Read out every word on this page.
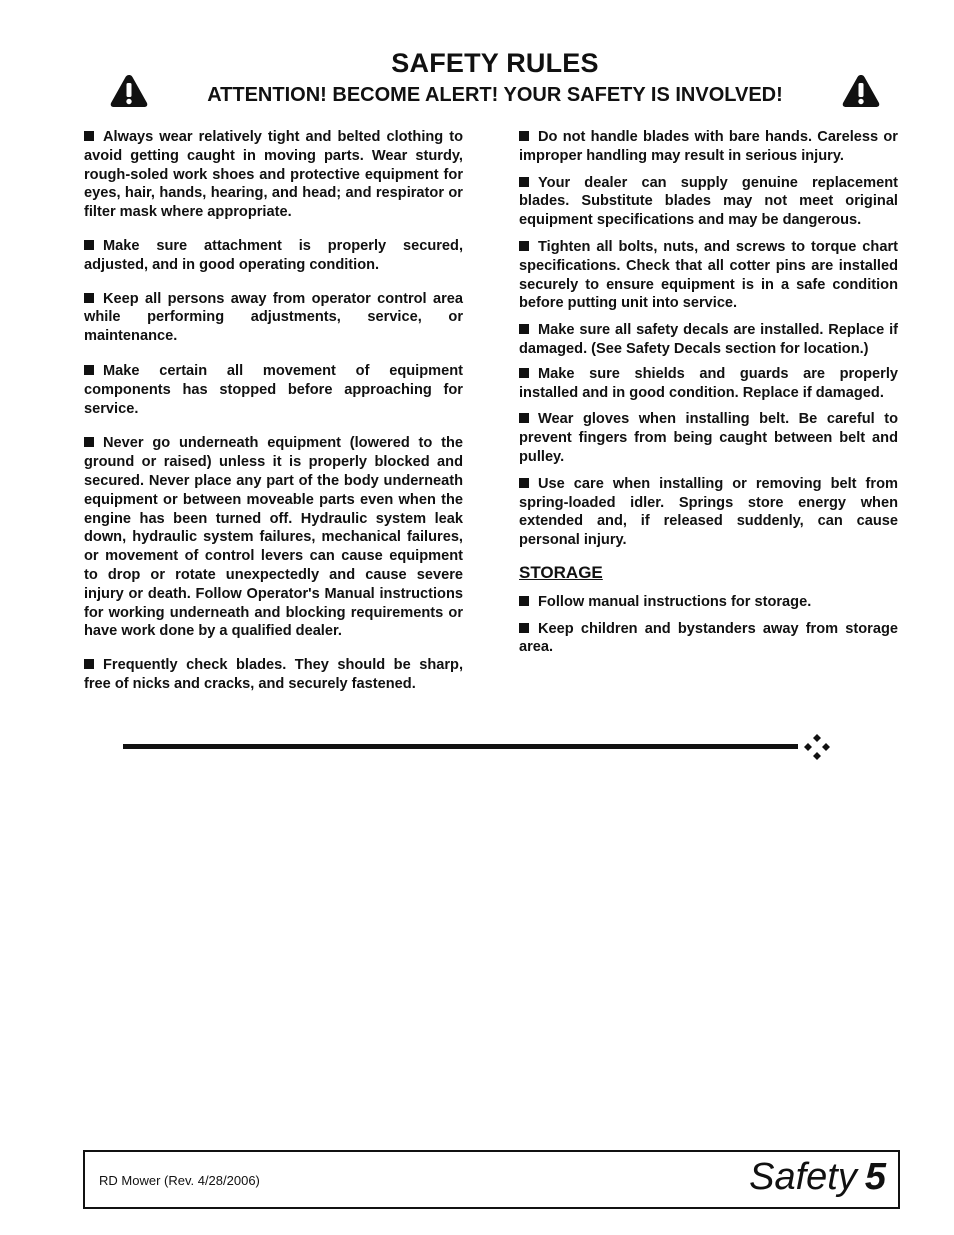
SAFETY RULES
ATTENTION! BECOME ALERT! YOUR SAFETY IS INVOLVED!

Always wear relatively tight and belted clothing to avoid getting caught in moving parts. Wear sturdy, rough-soled work shoes and protective equipment for eyes, hair, hands, hearing, and head; and respirator or filter mask where appropriate.

Make sure attachment is properly secured, adjusted, and in good operating condition.

Keep all persons away from operator control area while performing adjustments, service, or maintenance.

Make certain all movement of equipment components has stopped before approaching for service.

Never go underneath equipment (lowered to the ground or raised) unless it is properly blocked and secured. Never place any part of the body underneath equipment or between moveable parts even when the engine has been turned off. Hydraulic system leak down, hydraulic system failures, mechanical failures, or movement of control levers can cause equipment to drop or rotate unexpectedly and cause severe injury or death. Follow Operator's Manual instructions for working underneath and blocking requirements or have work done by a qualified dealer.

Frequently check blades. They should be sharp, free of nicks and cracks, and securely fastened.

Do not handle blades with bare hands. Careless or improper handling may result in serious injury.

Your dealer can supply genuine replacement blades. Substitute blades may not meet original equipment specifications and may be dangerous.

Tighten all bolts, nuts, and screws to torque chart specifications. Check that all cotter pins are installed securely to ensure equipment is in a safe condition before putting unit into service.

Make sure all safety decals are installed. Replace if damaged. (See Safety Decals section for location.)

Make sure shields and guards are properly installed and in good condition. Replace if damaged.

Wear gloves when installing belt. Be careful to prevent fingers from being caught between belt and pulley.

Use care when installing or removing belt from spring-loaded idler. Springs store energy when extended and, if released suddenly, can cause personal injury.

STORAGE

Follow manual instructions for storage.

Keep children and bystanders away from storage area.

RD Mower (Rev. 4/28/2006)	Safety 5
